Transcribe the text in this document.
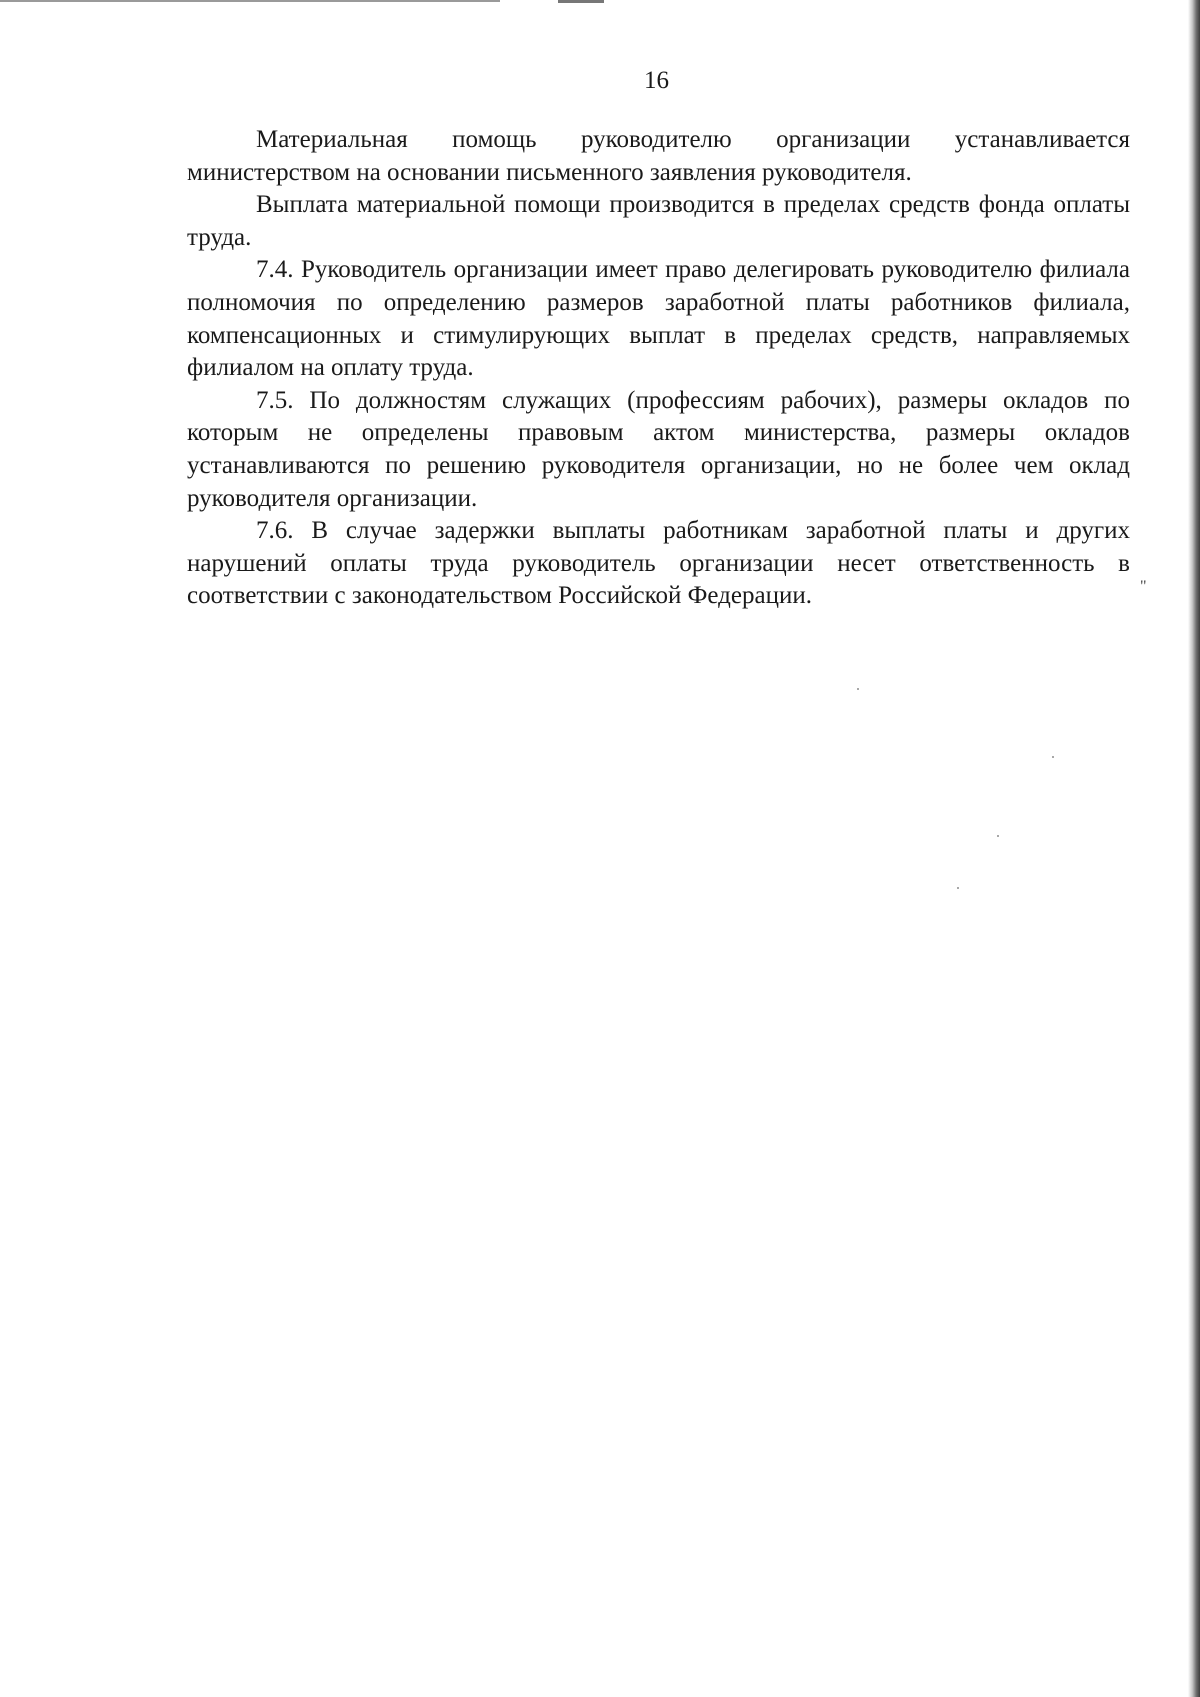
16

Материальная помощь руководителю организации устанавливается министерством на основании письменного заявления руководителя.

Выплата материальной помощи производится в пределах средств фонда оплаты труда.

7.4. Руководитель организации имеет право делегировать руководителю филиала полномочия по определению размеров заработной платы работников филиала, компенсационных и стимулирующих выплат в пределах средств, направляемых филиалом на оплату труда.

7.5. По должностям служащих (профессиям рабочих), размеры окладов по которым не определены правовым актом министерства, размеры окладов устанавливаются по решению руководителя организации, но не более чем оклад руководителя организации.

7.6. В случае задержки выплаты работникам заработной платы и других нарушений оплаты труда руководитель организации несет ответственность в соответствии с законодательством Российской Федерации.	"
